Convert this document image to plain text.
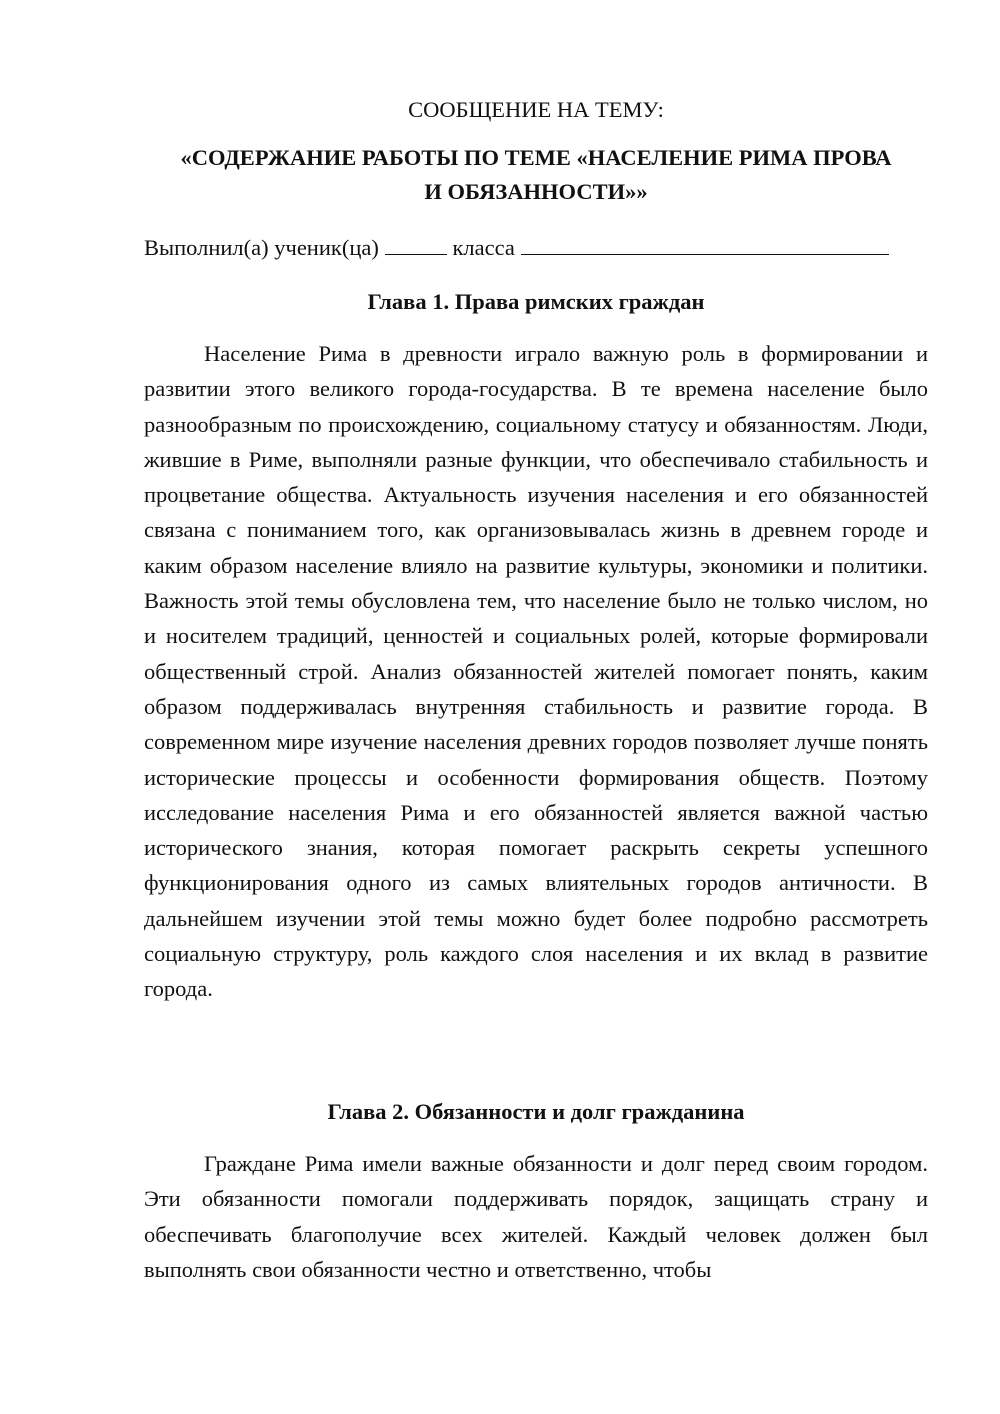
СООБЩЕНИЕ НА ТЕМУ:
«СОДЕРЖАНИЕ РАБОТЫ ПО ТЕМЕ «НАСЕЛЕНИЕ РИМА ПРОВА
И ОБЯЗАННОСТИ»»
Выполнил(а) ученик(ца)	класса
Глава 1. Права римских граждан

Население Рима в древности играло важную роль в формировании и развитии этого великого города-государства. В те времена население было разнообразным по происхождению, социальному статусу и обязанностям. Люди, жившие в Риме, выполняли разные функции, что обеспечивало стабильность и процветание общества. Актуальность изучения населения и его обязанностей связана с пониманием того, как организовывалась жизнь в древнем городе и каким образом население влияло на развитие культуры, экономики и политики. Важность этой темы обусловлена тем, что население было не только числом, но и носителем традиций, ценностей и социальных ролей, которые формировали общественный строй. Анализ обязанностей жителей помогает понять, каким образом поддерживалась внутренняя стабильность и развитие города. В современном мире изучение населения древних городов позволяет лучше понять исторические процессы и особенности формирования обществ. Поэтому исследование населения Рима и его обязанностей является важной частью исторического знания, которая помогает раскрыть секреты успешного функционирования одного из самых влиятельных городов античности. В дальнейшем изучении этой темы можно будет более подробно рассмотреть социальную структуру, роль каждого слоя населения и их вклад в развитие города.

Глава 2. Обязанности и долг гражданина

Граждане Рима имели важные обязанности и долг перед своим городом. Эти обязанности помогали поддерживать порядок, защищать страну и обеспечивать благополучие всех жителей. Каждый человек должен был выполнять свои обязанности честно и ответственно, чтобы
